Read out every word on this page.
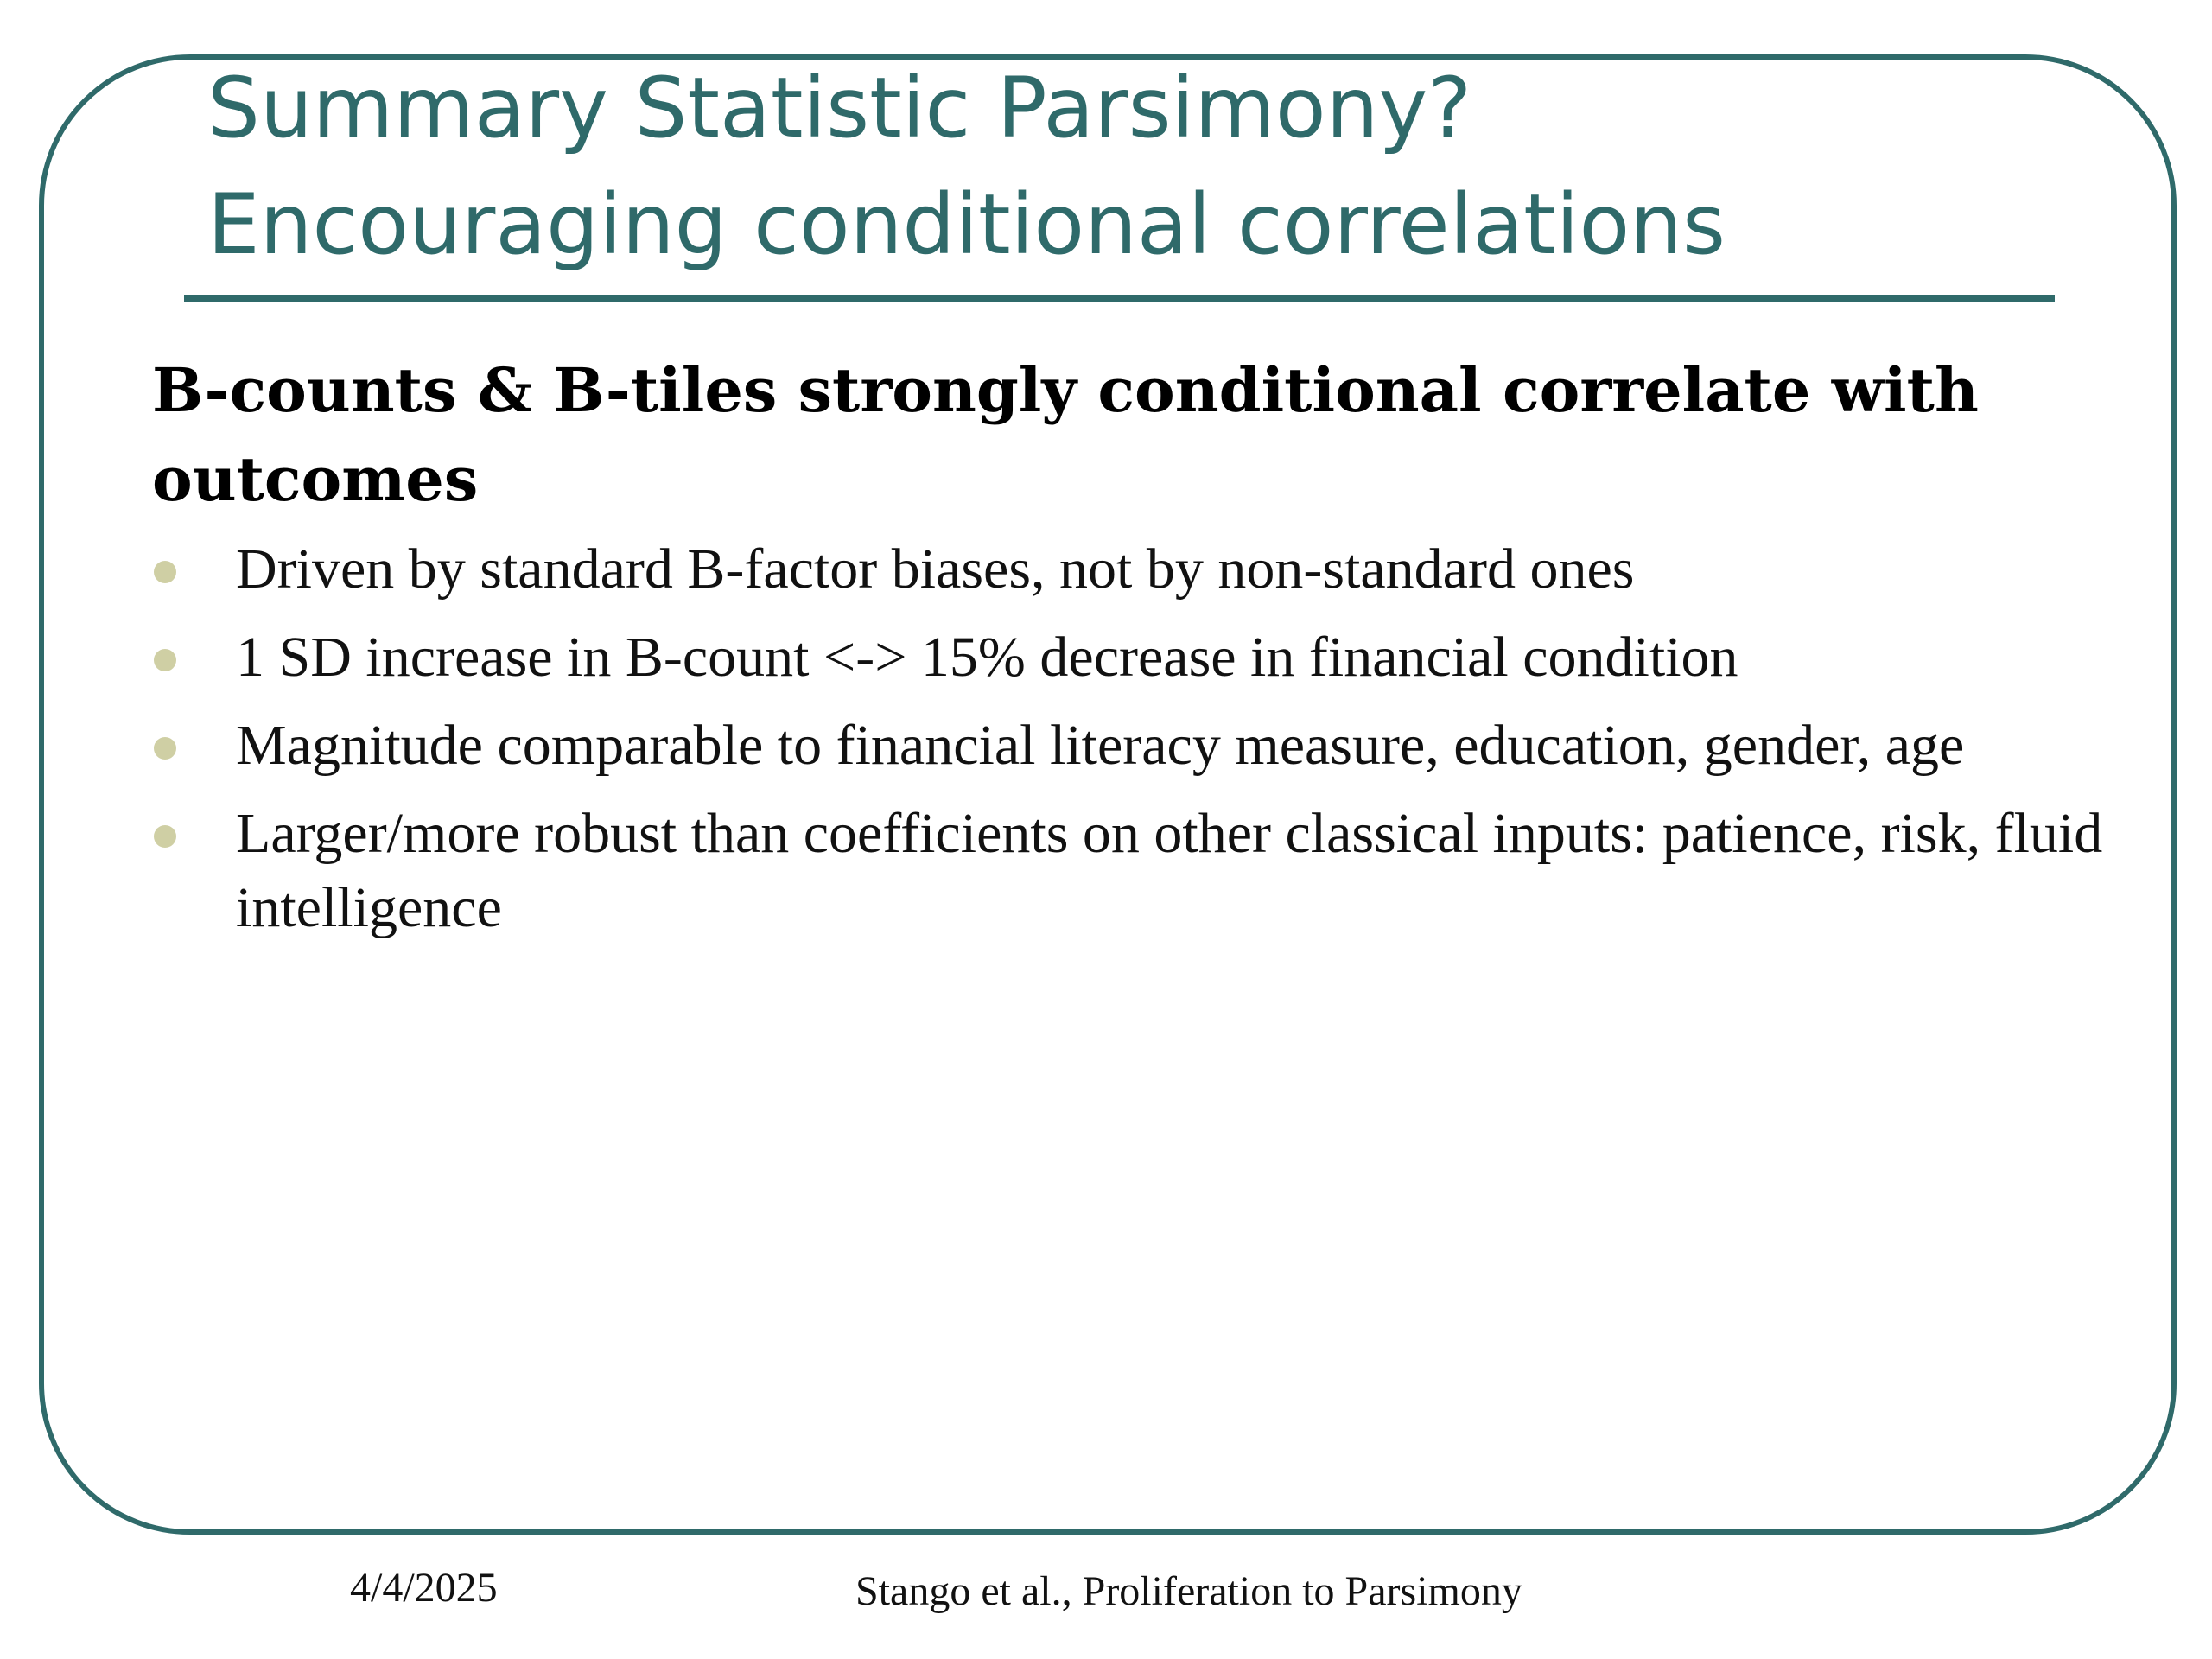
Summary Statistic Parsimony?
Encouraging conditional correlations
B-counts & B-tiles strongly conditional correlate with outcomes
Driven by standard B-factor biases, not by non-standard ones
1 SD increase in B-count <-> 15% decrease in financial condition
Magnitude comparable to financial literacy measure, education, gender, age
Larger/more robust than coefficients on other classical inputs: patience, risk, fluid intelligence
4/4/2025	Stango et al., Proliferation to Parsimony
